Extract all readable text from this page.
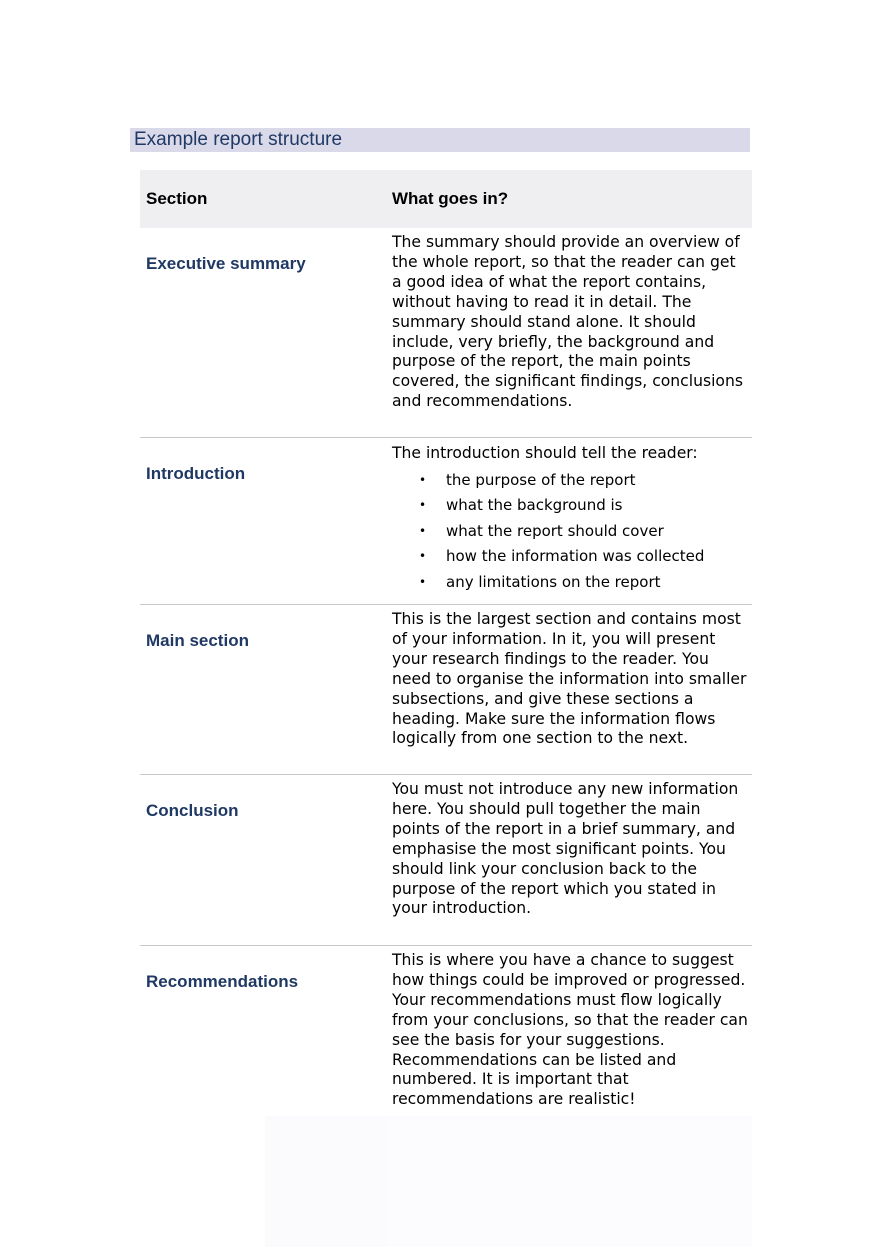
Example report structure
Section	What goes in?
Executive summary
The summary should provide an overview of the whole report, so that the reader can get a good idea of what the report contains, without having to read it in detail. The summary should stand alone. It should include, very briefly, the background and purpose of the report, the main points covered, the significant findings, conclusions and recommendations.
Introduction
The introduction should tell the reader:
• the purpose of the report
• what the background is
• what the report should cover
• how the information was collected
• any limitations on the report
Main section
This is the largest section and contains most of your information. In it, you will present your research findings to the reader. You need to organise the information into smaller subsections, and give these sections a heading. Make sure the information flows logically from one section to the next.
Conclusion
You must not introduce any new information here. You should pull together the main points of the report in a brief summary, and emphasise the most significant points. You should link your conclusion back to the purpose of the report which you stated in your introduction.
Recommendations
This is where you have a chance to suggest how things could be improved or progressed. Your recommendations must flow logically from your conclusions, so that the reader can see the basis for your suggestions. Recommendations can be listed and numbered. It is important that recommendations are realistic!
